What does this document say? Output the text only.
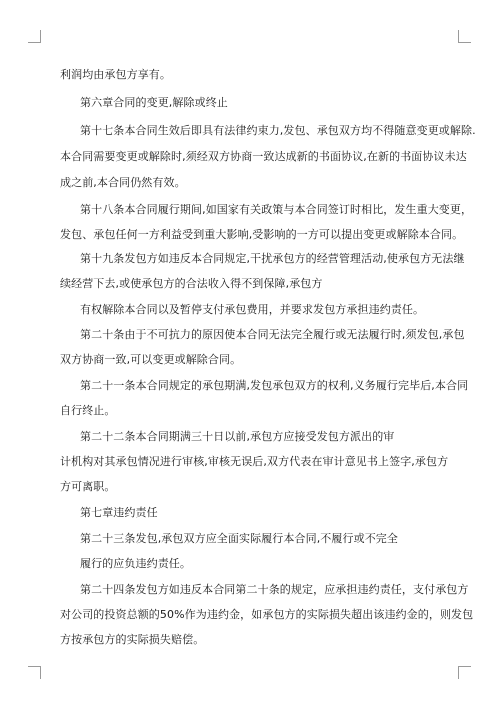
利润均由承包方享有。
第六章合同的变更,解除或终止
第十七条本合同生效后即具有法律约束力,发包、承包双方均不得随意变更或解除.
本合同需要变更或解除时,须经双方协商一致达成新的书面协议,在新的书面协议未达
成之前,本合同仍然有效。
第十八条本合同履行期间,如国家有关政策与本合同签订时相比，发生重大变更，
发包、承包任何一方利益受到重大影响,受影响的一方可以提出变更或解除本合同。
第十九条发包方如违反本合同规定,干扰承包方的经营管理活动,使承包方无法继
续经营下去,或使承包方的合法收入得不到保障,承包方
有权解除本合同以及暂停支付承包费用，并要求发包方承担违约责任。
第二十条由于不可抗力的原因使本合同无法完全履行或无法履行时,须发包,承包
双方协商一致,可以变更或解除合同。
第二十一条本合同规定的承包期满,发包承包双方的权利,义务履行完毕后,本合同
自行终止。
第二十二条本合同期满三十日以前,承包方应接受发包方派出的审
计机构对其承包情况进行审核,审核无误后,双方代表在审计意见书上签字,承包方
方可离职。
第七章违约责任
第二十三条发包,承包双方应全面实际履行本合同,不履行或不完全
履行的应负违约责任。
第二十四条发包方如违反本合同第二十条的规定，应承担违约责任，支付承包方
对公司的投资总额的50%作为违约金，如承包方的实际损失超出该违约金的，则发包
方按承包方的实际损失赔偿。
